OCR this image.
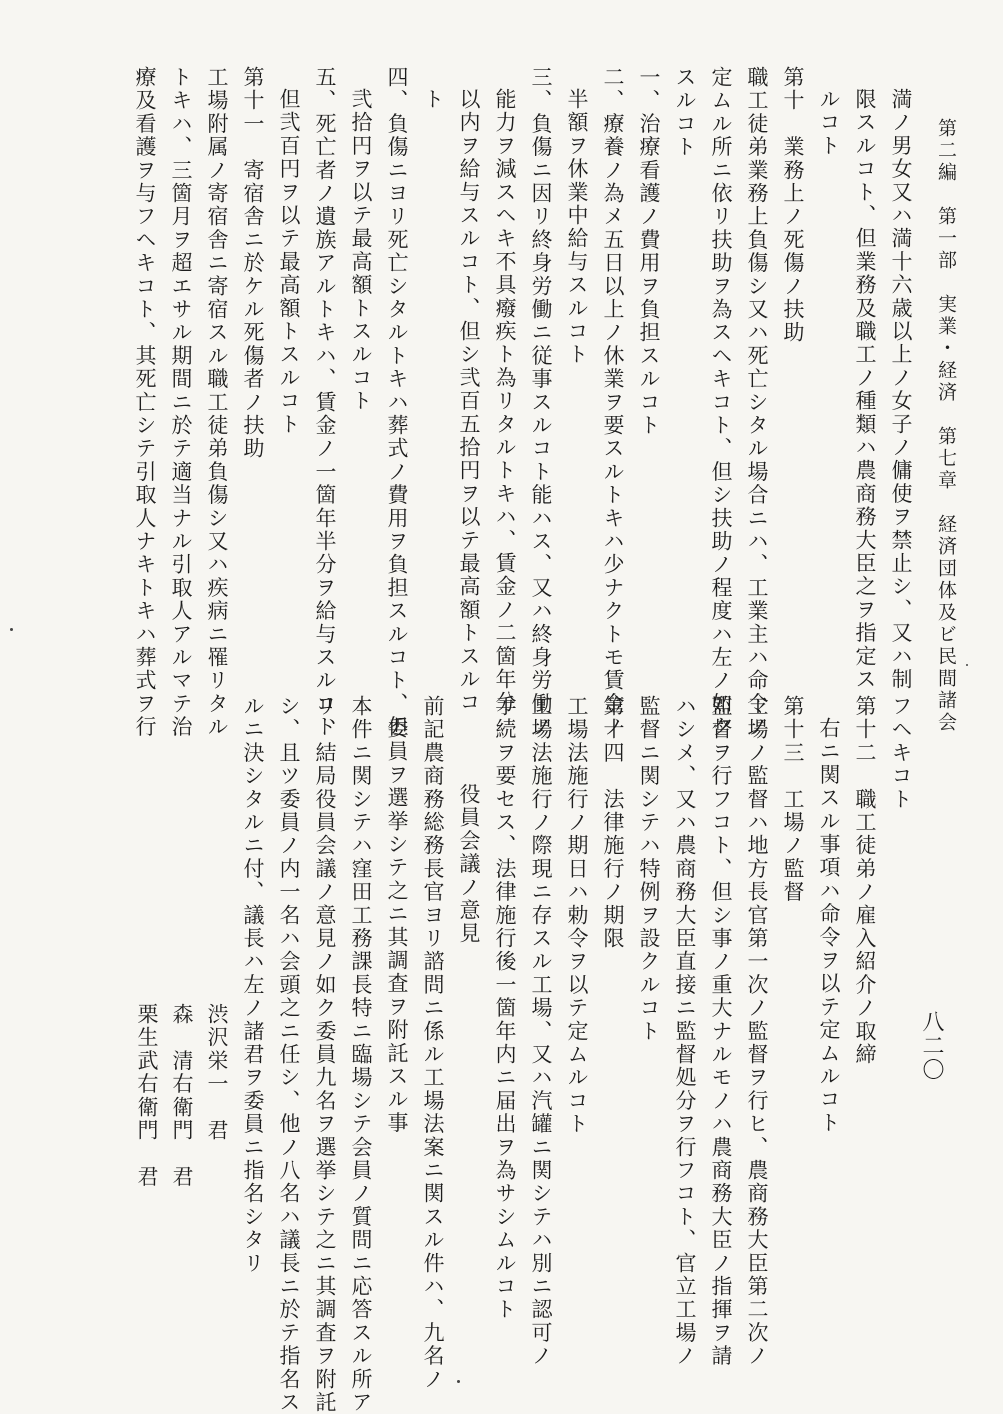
第二編　第一部　実業・経済　第七章　経済団体及ビ民間諸会
八二〇
満ノ男女又ハ満十六歳以上ノ女子ノ傭使ヲ禁止シ、又ハ制
限スルコト、但業務及職工ノ種類ハ農商務大臣之ヲ指定ス
ルコト
第十　業務上ノ死傷ノ扶助
職工徒弟業務上負傷シ又ハ死亡シタル場合ニハ、工業主ハ命令ノ
定ムル所ニ依リ扶助ヲ為スヘキコト、但シ扶助ノ程度ハ左ノ如ク
スルコト
一、治療看護ノ費用ヲ負担スルコト
二、療養ノ為メ五日以上ノ休業ヲ要スルトキハ少ナクトモ賃金ノ
半額ヲ休業中給与スルコト
三、負傷ニ因リ終身労働ニ従事スルコト能ハス、又ハ終身労働ノ
能力ヲ減スヘキ不具癈疾ト為リタルトキハ、賃金ノ二箇年分
以内ヲ給与スルコト、但シ弐百五拾円ヲ以テ最高額トスルコ
ト
四、負傷ニヨリ死亡シタルトキハ葬式ノ費用ヲ負担スルコト、但
弐拾円ヲ以テ最高額トスルコト
五、死亡者ノ遺族アルトキハ、賃金ノ一箇年半分ヲ給与スルコト
但弐百円ヲ以テ最高額トスルコト
第十一　寄宿舎ニ於ケル死傷者ノ扶助
工場附属ノ寄宿舎ニ寄宿スル職工徒弟負傷シ又ハ疾病ニ罹リタル
トキハ、三箇月ヲ超エサル期間ニ於テ適当ナル引取人アルマテ治
療及看護ヲ与フヘキコト、其死亡シテ引取人ナキトキハ葬式ヲ行
フヘキコト
第十二　職工徒弟ノ雇入紹介ノ取締
右ニ関スル事項ハ命令ヲ以テ定ムルコト
第十三　工場ノ監督
工場ノ監督ハ地方長官第一次ノ監督ヲ行ヒ、農商務大臣第二次ノ
監督ヲ行フコト、但シ事ノ重大ナルモノハ農商務大臣ノ指揮ヲ請
ハシメ、又ハ農商務大臣直接ニ監督処分ヲ行フコト、官立工場ノ
監督ニ関シテハ特例ヲ設クルコト
第十四　法律施行ノ期限
工場法施行ノ期日ハ勅令ヲ以テ定ムルコト
工場法施行ノ際現ニ存スル工場、又ハ汽罐ニ関シテハ別ニ認可ノ
手続ヲ要セス、法律施行後一箇年内ニ届出ヲ為サシムルコト
役員会議ノ意見
前記農商務総務長官ヨリ諮問ニ係ル工場法案ニ関スル件ハ、九名ノ
委員ヲ選挙シテ之ニ其調査ヲ附託スル事
本件ニ関シテハ窪田工務課長特ニ臨場シテ会員ノ質問ニ応答スル所ア
リ、結局役員会議ノ意見ノ如ク委員九名ヲ選挙シテ之ニ其調査ヲ附託
シ、且ツ委員ノ内一名ハ会頭之ニ任シ、他ノ八名ハ議長ニ於テ指名ス
ルニ決シタルニ付、議長ハ左ノ諸君ヲ委員ニ指名シタリ
渋沢栄一　君
森　清右衛門　君
栗生武右衛門　君
